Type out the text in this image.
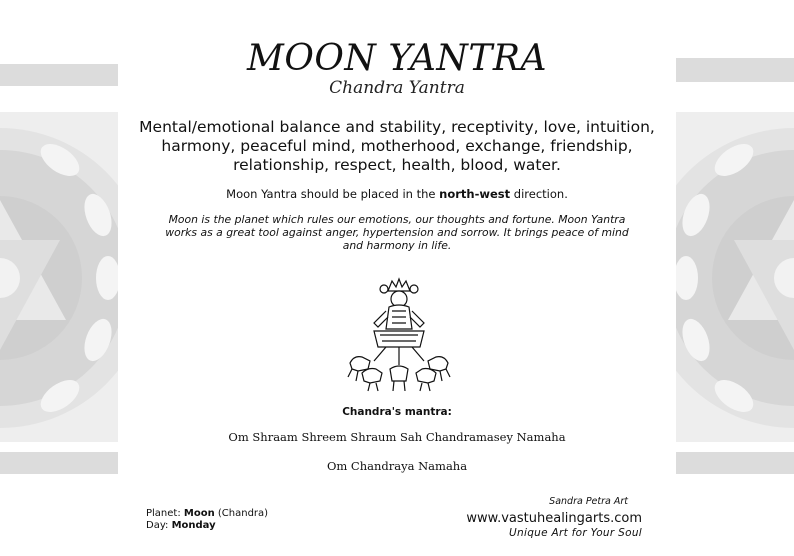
MOON YANTRA
Chandra Yantra
Mental/emotional balance and stability, receptivity, love, intuition, harmony, peaceful mind, motherhood, exchange, friendship, relationship, respect, health, blood, water.
Moon Yantra should be placed in the north-west direction.
Moon is the planet which rules our emotions, our thoughts and fortune. Moon Yantra works as a great tool against anger, hypertension and sorrow. It brings peace of mind and harmony in life.
Chandra's mantra:
Om Shraam Shreem Shraum Sah Chandramasey Namaha
Om Chandraya Namaha
Planet: Moon (Chandra)
Day: Monday
Sandra Petra Art
www.vastuhealingarts.com
Unique Art for Your Soul
